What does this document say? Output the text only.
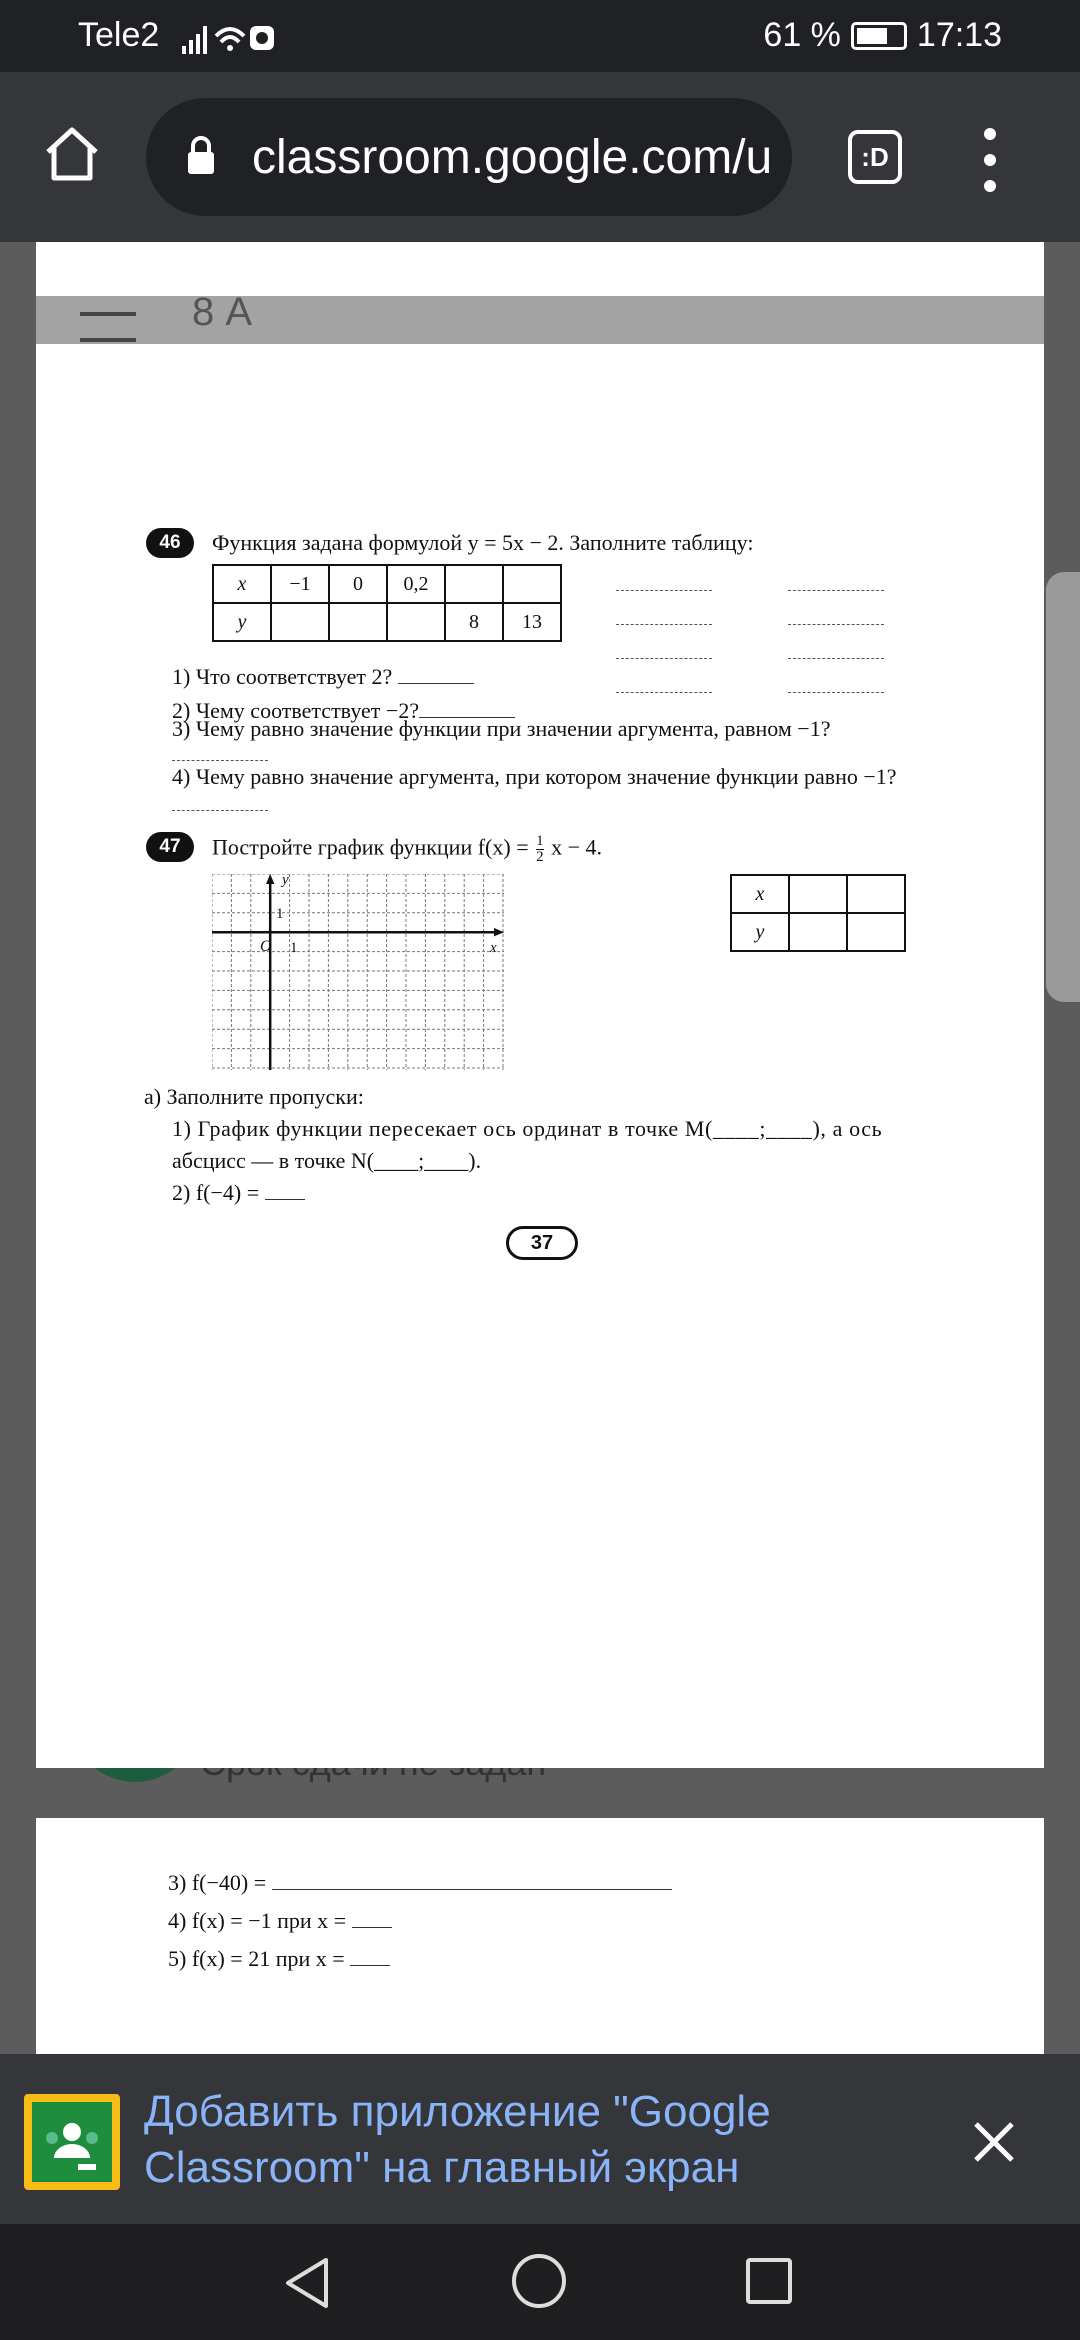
Tele2	61 % 17:13
classroom.google.com/u	:D
8 А
46	Функция задана формулой y = 5x − 2. Заполните таблицу:
x	−1	0	0,2		
y				8	13
1) Что соответствует 2?
2) Чему соответствует −2?
3) Чему равно значение функции при значении аргумента, равном −1?
4) Чему равно значение аргумента, при котором значение функции равно −1?
47	Постройте график функции $f(x) = \frac{1}{2}$ x − 4.
y
1
O 1	x
x		
y		
а) Заполните пропуски:
1) График функции пересекает ось ординат в точке M(____;____), а ось
абсцисс — в точке N(____;____).
2) f(−4) =
37
3) f(−40) =
4) f(x) = −1 при x =
5) f(x) = 21 при x =
Добавить приложение "Google Classroom" на главный экран
